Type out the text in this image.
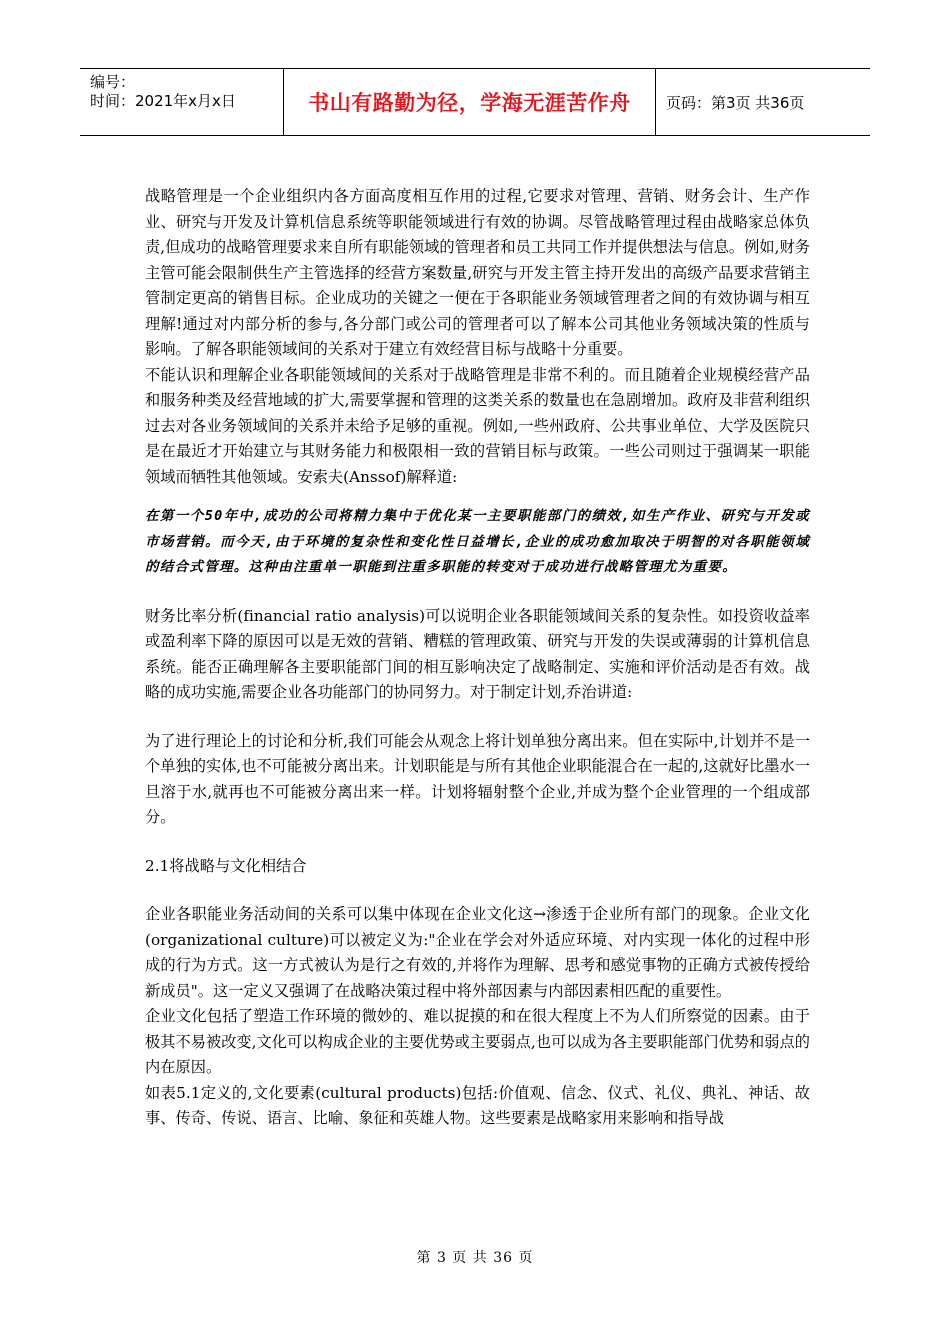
编号：
时间：2021年x月x日	书山有路勤为径，学海无涯苦作舟	页码：第3页 共36页

战略管理是一个企业组织内各方面高度相互作用的过程,它要求对管理、营销、财务会计、生产作业、研究与开发及计算机信息系统等职能领域进行有效的协调。尽管战略管理过程由战略家总体负责,但成功的战略管理要求来自所有职能领域的管理者和员工共同工作并提供想法与信息。例如,财务主管可能会限制供生产主管选择的经营方案数量,研究与开发主管主持开发出的高级产品要求营销主管制定更高的销售目标。企业成功的关键之一便在于各职能业务领域管理者之间的有效协调与相互理解!通过对内部分析的参与,各分部门或公司的管理者可以了解本公司其他业务领域决策的性质与影响。了解各职能领域间的关系对于建立有效经营目标与战略十分重要。

不能认识和理解企业各职能领域间的关系对于战略管理是非常不利的。而且随着企业规模经营产品和服务种类及经营地域的扩大,需要掌握和管理的这类关系的数量也在急剧增加。政府及非营利组织过去对各业务领域间的关系并未给予足够的重视。例如,一些州政府、公共事业单位、大学及医院只是在最近才开始建立与其财务能力和极限相一致的营销目标与政策。一些公司则过于强调某一职能领域而牺牲其他领域。安索夫(Anssof)解释道:

在第一个50年中,成功的公司将精力集中于优化某一主要职能部门的绩效,如生产作业、研究与开发或市场营销。而今天,由于环境的复杂性和变化性日益增长,企业的成功愈加取决于明智的对各职能领域的结合式管理。这种由注重单一职能到注重多职能的转变对于成功进行战略管理尤为重要。

财务比率分析(financial ratio analysis)可以说明企业各职能领域间关系的复杂性。如投资收益率或盈利率下降的原因可以是无效的营销、糟糕的管理政策、研究与开发的失误或薄弱的计算机信息系统。能否正确理解各主要职能部门间的相互影响决定了战略制定、实施和评价活动是否有效。战略的成功实施,需要企业各功能部门的协同努力。对于制定计划,乔治讲道:

为了进行理论上的讨论和分析,我们可能会从观念上将计划单独分离出来。但在实际中,计划并不是一个单独的实体,也不可能被分离出来。计划职能是与所有其他企业职能混合在一起的,这就好比墨水一旦溶于水,就再也不可能被分离出来一样。计划将辐射整个企业,并成为整个企业管理的一个组成部分。

2.1将战略与文化相结合

企业各职能业务活动间的关系可以集中体现在企业文化这→渗透于企业所有部门的现象。企业文化(organizational culture)可以被定义为:"企业在学会对外适应环境、对内实现一体化的过程中形成的行为方式。这一方式被认为是行之有效的,并将作为理解、思考和感觉事物的正确方式被传授给新成员"。这一定义又强调了在战略决策过程中将外部因素与内部因素相匹配的重要性。

企业文化包括了塑造工作环境的微妙的、难以捉摸的和在很大程度上不为人们所察觉的因素。由于极其不易被改变,文化可以构成企业的主要优势或主要弱点,也可以成为各主要职能部门优势和弱点的内在原因。

如表5.1定义的,文化要素(cultural products)包括:价值观、信念、仪式、礼仪、典礼、神话、故事、传奇、传说、语言、比喻、象征和英雄人物。这些要素是战略家用来影响和指导战

第 3 页 共 36 页
